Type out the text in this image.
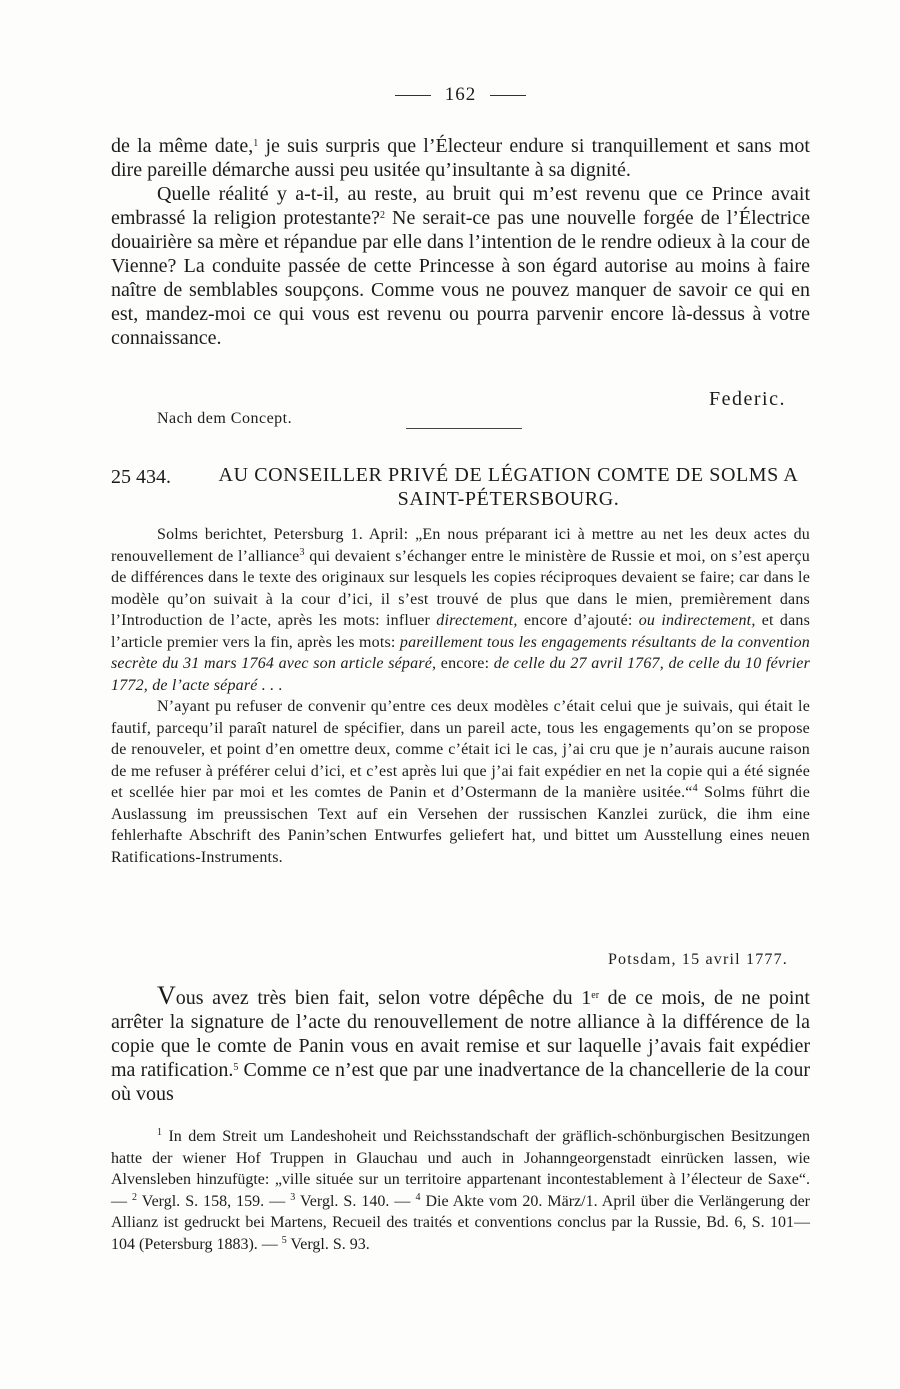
162

de la même date,$^1$ je suis surpris que l’Électeur endure si tranquillement et sans mot dire pareille démarche aussi peu usitée qu’insultante à sa dignité.

Quelle réalité y a-t-il, au reste, au bruit qui m’est revenu que ce Prince avait embrassé la religion protestante?$^2$ Ne serait-ce pas une nouvelle forgée de l’Électrice douairière sa mère et répandue par elle dans l’intention de le rendre odieux à la cour de Vienne? La conduite passée de cette Princesse à son égard autorise au moins à faire naître de semblables soupçons. Comme vous ne pouvez manquer de savoir ce qui en est, mandez-moi ce qui vous est revenu ou pourra parvenir encore là-dessus à votre connaissance.

Federic.
Nach dem Concept.
25 434.	AU CONSEILLER PRIVÉ DE LÉGATION COMTE DE SOLMS A SAINT-PÉTERSBOURG.

Solms berichtet, Petersburg 1. April: „En nous préparant ici à mettre au net les deux actes du renouvellement de l’alliance$^3$ qui devaient s’échanger entre le ministère de Russie et moi, on s’est aperçu de différences dans le texte des originaux sur lesquels les copies réciproques devaient se faire; car dans le modèle qu’on suivait à la cour d’ici, il s’est trouvé de plus que dans le mien, premièrement dans l’Introduction de l’acte, après les mots: influer directement, encore d’ajouté: ou indirectement, et dans l’article premier vers la fin, après les mots: pareillement tous les engagements résultants de la convention secrète du 31 mars 1764 avec son article séparé, encore: de celle du 27 avril 1767, de celle du 10 février 1772, de l’acte séparé . . .

N’ayant pu refuser de convenir qu’entre ces deux modèles c’était celui que je suivais, qui était le fautif, parcequ’il paraît naturel de spécifier, dans un pareil acte, tous les engagements qu’on se propose de renouveler, et point d’en omettre deux, comme c’était ici le cas, j’ai cru que je n’aurais aucune raison de me refuser à préférer celui d’ici, et c’est après lui que j’ai fait expédier en net la copie qui a été signée et scellée hier par moi et les comtes de Panin et d’Ostermann de la manière usitée.“$^4$ Solms führt die Auslassung im preussischen Text auf ein Versehen der russischen Kanzlei zurück, die ihm eine fehlerhafte Abschrift des Panin’schen Entwurfes geliefert hat, und bittet um Ausstellung eines neuen Ratifications-Instruments.

Potsdam, 15 avril 1777.

Vous avez très bien fait, selon votre dépêche du 1er de ce mois, de ne point arrêter la signature de l’acte du renouvellement de notre alliance à la différence de la copie que le comte de Panin vous en avait remise et sur laquelle j’avais fait expédier ma ratification.$^5$ Comme ce n’est que par une inadvertance de la chancellerie de la cour où vous

$^1$ In dem Streit um Landeshoheit und Reichsstandschaft der gräflich-schönburgischen Besitzungen hatte der wiener Hof Truppen in Glauchau und auch in Johanngeorgenstadt einrücken lassen, wie Alvensleben hinzufügte: „ville située sur un territoire appartenant incontestablement à l’électeur de Saxe“. — $^2$ Vergl. S. 158, 159. — $^3$ Vergl. S. 140. — $^4$ Die Akte vom 20. März/1. April über die Verlängerung der Allianz ist gedruckt bei Martens, Recueil des traités et conventions conclus par la Russie, Bd. 6, S. 101—104 (Petersburg 1883). — $^5$ Vergl. S. 93.
